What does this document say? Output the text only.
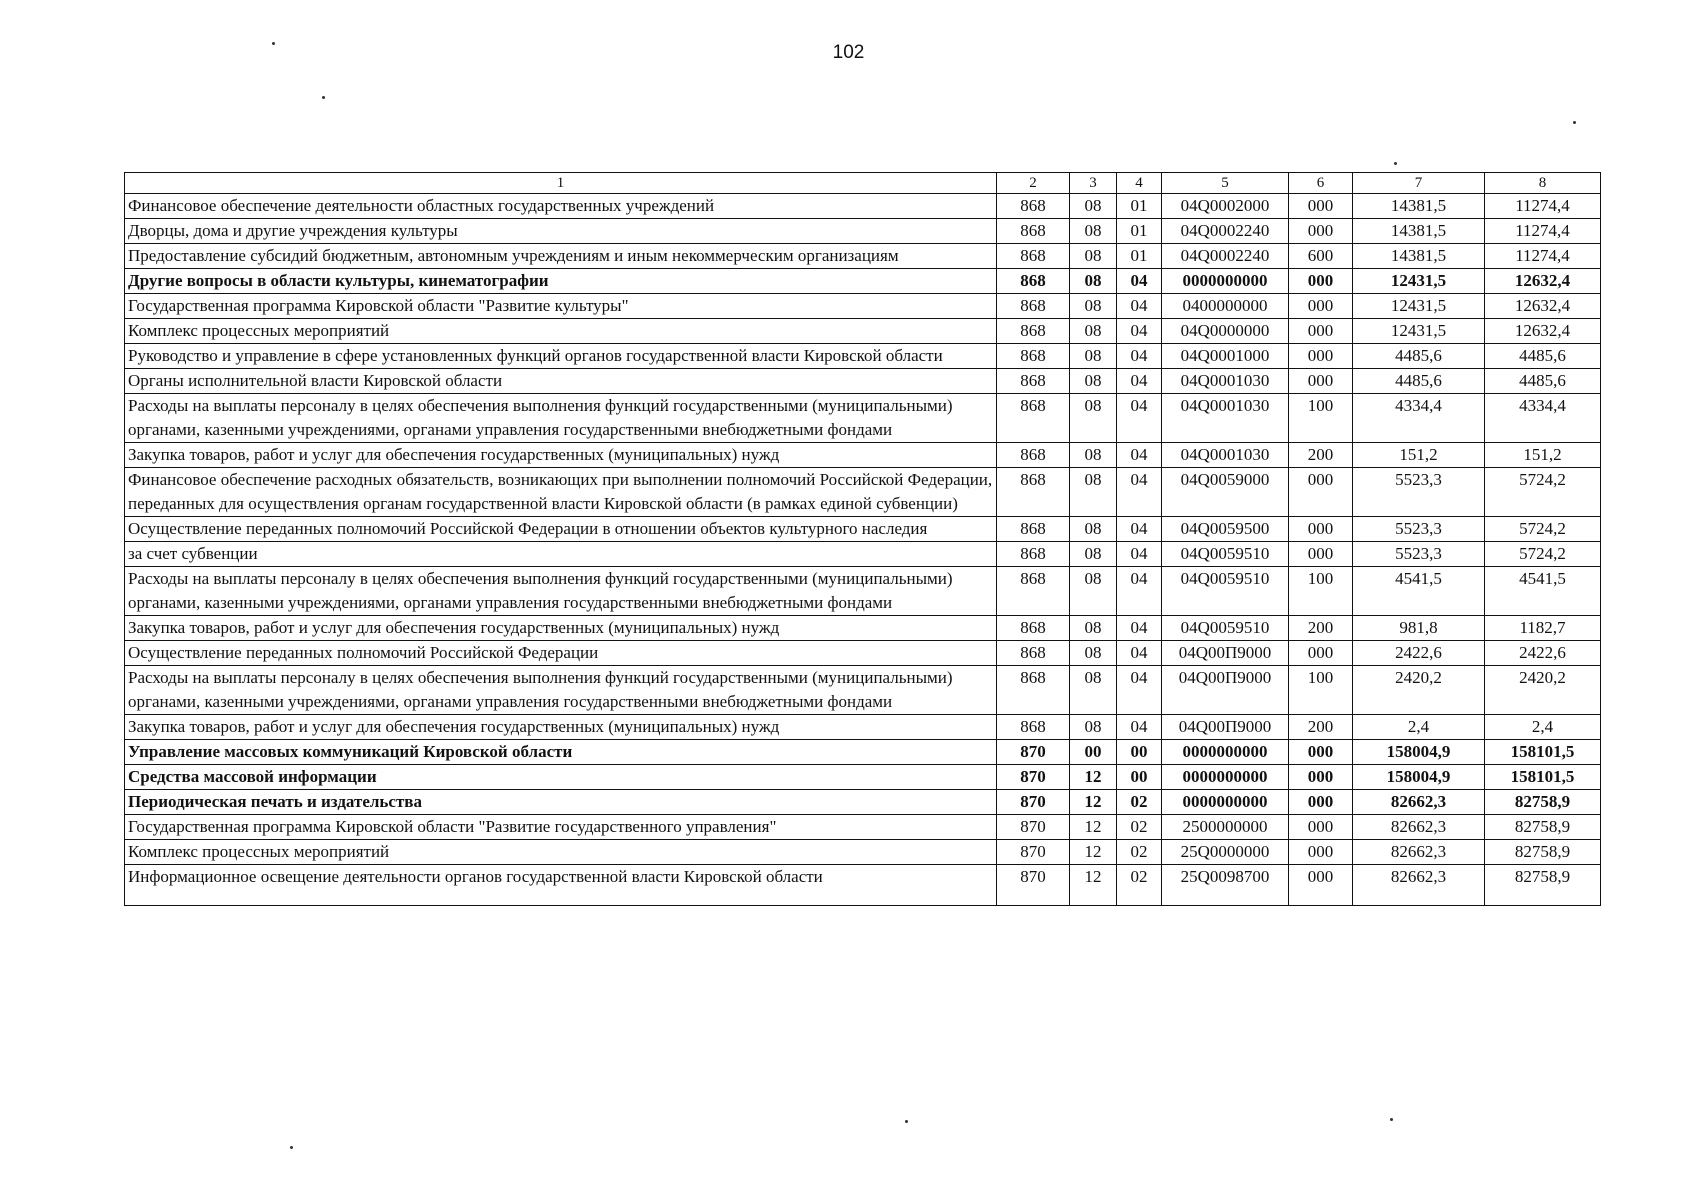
102
1	2	3	4	5	6	7	8
Финансовое обеспечение деятельности областных государственных учреждений	868	08	01	04Q0002000	000	14381,5	11274,4
Дворцы, дома и другие учреждения культуры	868	08	01	04Q0002240	000	14381,5	11274,4
Предоставление субсидий бюджетным, автономным учреждениям и иным некоммерческим организациям	868	08	01	04Q0002240	600	14381,5	11274,4
Другие вопросы в области культуры, кинематографии	868	08	04	0000000000	000	12431,5	12632,4
Государственная программа Кировской области "Развитие культуры"	868	08	04	0400000000	000	12431,5	12632,4
Комплекс процессных мероприятий	868	08	04	04Q0000000	000	12431,5	12632,4
Руководство и управление в сфере установленных функций органов государственной власти Кировской области	868	08	04	04Q0001000	000	4485,6	4485,6
Органы исполнительной власти Кировской области	868	08	04	04Q0001030	000	4485,6	4485,6
Расходы на выплаты персоналу в целях обеспечения выполнения функций государственными (муниципальными) органами, казенными учреждениями, органами управления государственными внебюджетными фондами	868	08	04	04Q0001030	100	4334,4	4334,4
Закупка товаров, работ и услуг для обеспечения государственных (муниципальных) нужд	868	08	04	04Q0001030	200	151,2	151,2
Финансовое обеспечение расходных обязательств, возникающих при выполнении полномочий Российской Федерации, переданных для осуществления органам государственной власти Кировской области (в рамках единой субвенции)	868	08	04	04Q0059000	000	5523,3	5724,2
Осуществление переданных полномочий Российской Федерации в отношении объектов культурного наследия	868	08	04	04Q0059500	000	5523,3	5724,2
за счет субвенции	868	08	04	04Q0059510	000	5523,3	5724,2
Расходы на выплаты персоналу в целях обеспечения выполнения функций государственными (муниципальными) органами, казенными учреждениями, органами управления государственными внебюджетными фондами	868	08	04	04Q0059510	100	4541,5	4541,5
Закупка товаров, работ и услуг для обеспечения государственных (муниципальных) нужд	868	08	04	04Q0059510	200	981,8	1182,7
Осуществление переданных полномочий Российской Федерации	868	08	04	04Q00П9000	000	2422,6	2422,6
Расходы на выплаты персоналу в целях обеспечения выполнения функций государственными (муниципальными) органами, казенными учреждениями, органами управления государственными внебюджетными фондами	868	08	04	04Q00П9000	100	2420,2	2420,2
Закупка товаров, работ и услуг для обеспечения государственных (муниципальных) нужд	868	08	04	04Q00П9000	200	2,4	2,4
Управление массовых коммуникаций Кировской области	870	00	00	0000000000	000	158004,9	158101,5
Средства массовой информации	870	12	00	0000000000	000	158004,9	158101,5
Периодическая печать и издательства	870	12	02	0000000000	000	82662,3	82758,9
Государственная программа Кировской области "Развитие государственного управления"	870	12	02	2500000000	000	82662,3	82758,9
Комплекс процессных мероприятий	870	12	02	25Q0000000	000	82662,3	82758,9
Информационное освещение деятельности органов государственной власти Кировской области	870	12	02	25Q0098700	000	82662,3	82758,9
